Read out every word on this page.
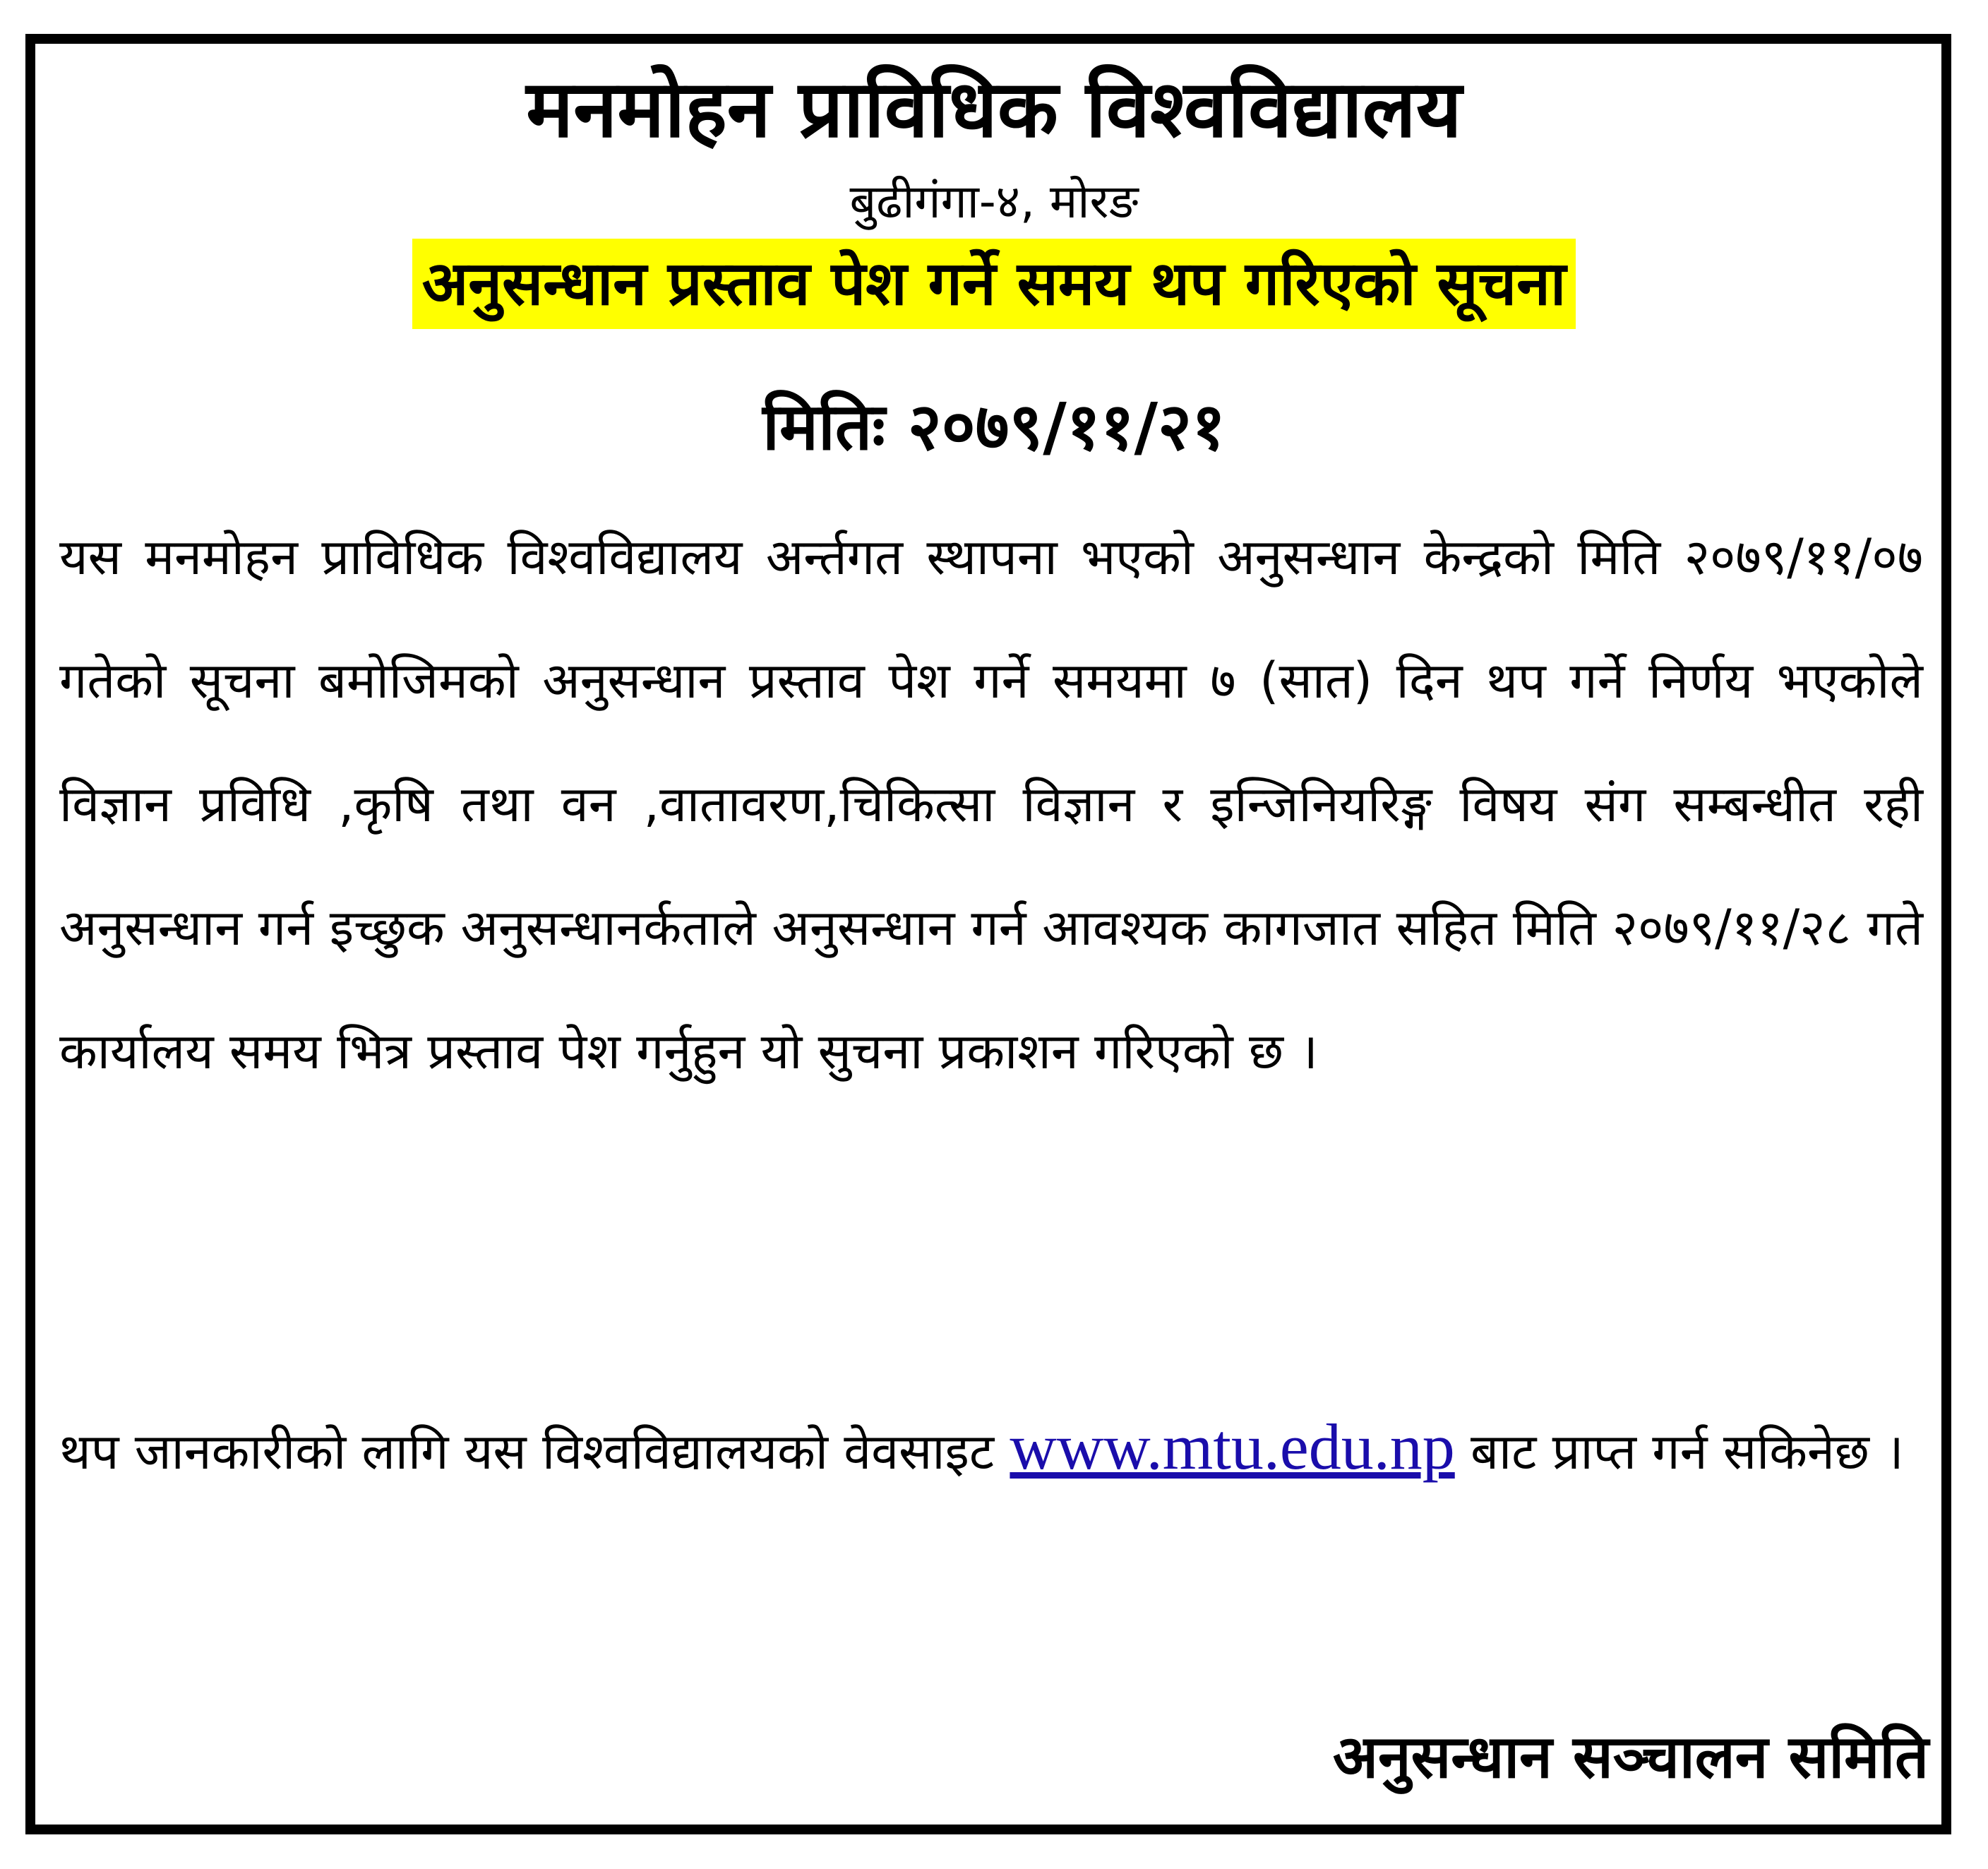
मनमोहन प्राविधिक विश्वविद्यालय
बुढीगंगा-४, मोरङ
अनुसन्धान प्रस्ताव पेश गर्ने समय थप गरिएको सूचना
मितिः २०७९/११/२१
यस मनमोहन प्राविधिक विश्वविद्यालय अर्न्तगत स्थापना भएको अनुसन्धान केन्द्रको मिति २०७९/११/०७ गतेको सूचना बमोजिमको अनुसन्धान प्रस्ताव पेश गर्ने समयमा ७ (सात) दिन थप गर्ने निर्णय भएकोले विज्ञान प्रविधि ,कृषि तथा वन ,वातावरण,चिकित्सा विज्ञान र इन्जिनियरिङ्ग विषय संग सम्बन्धीत रही अनुसन्धान गर्न इच्छुक अनुसन्धानर्कताले अनुसन्धान गर्न आवश्यक कागजात सहित मिति २०७९/११/२८ गते कार्यालय समय भित्र प्रस्ताव पेश गर्नुहुन यो सुचना प्रकाशन गरिएको छ ।
थप जानकारीको लागि यस विश्वविद्यालयको वेवसाइट www.mtu.edu.np बाट प्राप्त गर्न सकिनेछ ।
अनुसन्धान सञ्चालन समिति
